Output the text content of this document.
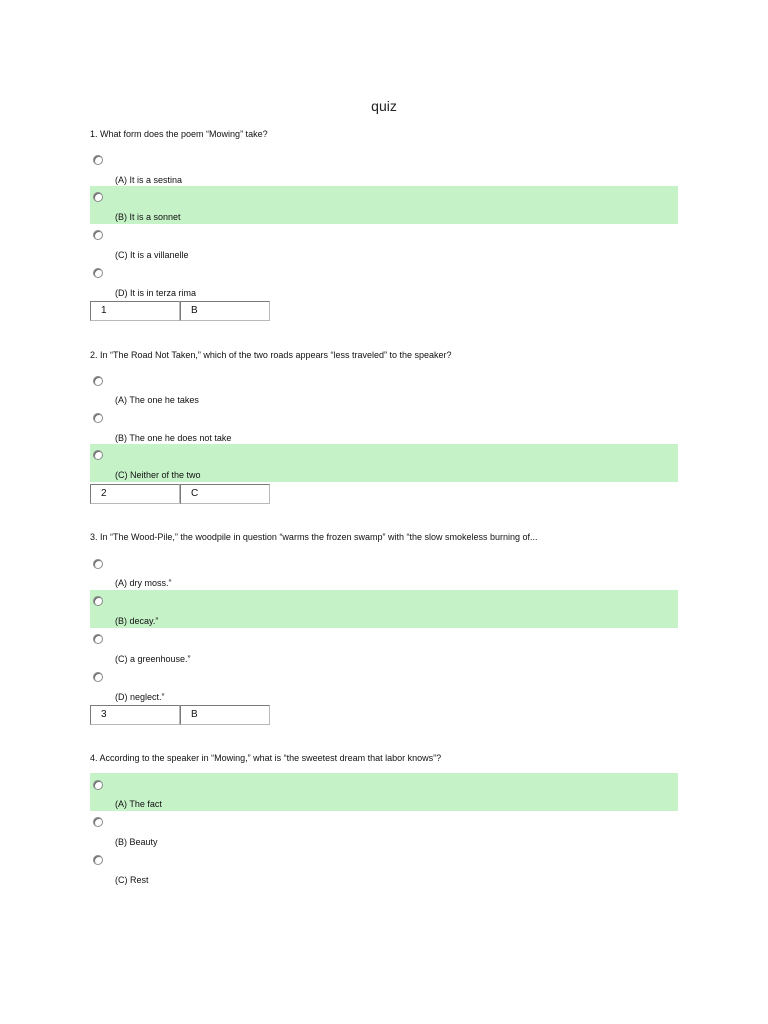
quiz
1. What form does the poem “Mowing” take?
(A) It is a sestina
(B) It is a sonnet
(C) It is a villanelle
(D) It is in terza rima
1	B
2. In “The Road Not Taken,” which of the two roads appears “less traveled” to the speaker?
(A) The one he takes
(B) The one he does not take
(C) Neither of the two
2	C
3. In “The Wood-Pile,” the woodpile in question “warms the frozen swamp” with “the slow smokeless burning of...
(A) dry moss.”
(B) decay.”
(C) a greenhouse.”
(D) neglect.”
3	B
4. According to the speaker in “Mowing,” what is “the sweetest dream that labor knows”?
(A) The fact
(B) Beauty
(C) Rest
